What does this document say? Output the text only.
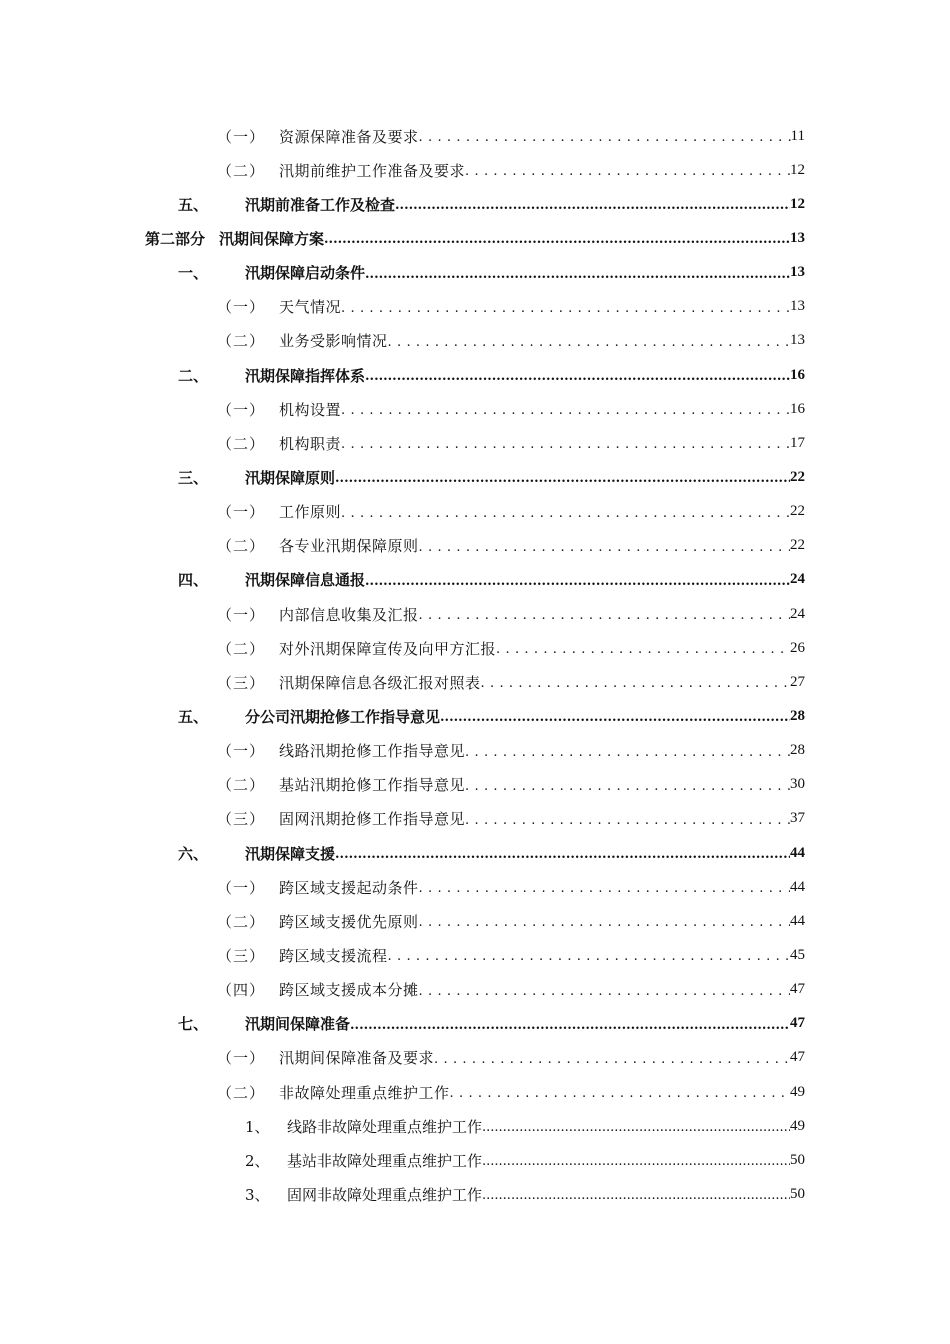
（一） 资源保障准备及要求 . . .	11
（二） 汛期前维护工作准备及要求 . . .	12
五、	汛期前准备工作及检查 .....	12
第二部分 汛期间保障方案 .....	13
一、	汛期保障启动条件 .....	13
（一） 天气情况 . . .	13
（二） 业务受影响情况 . . .	13
二、	汛期保障指挥体系 .....	16
（一） 机构设置 . . .	16
（二） 机构职责 . . .	17
三、	汛期保障原则 .....	22
（一） 工作原则 . . .	22
（二） 各专业汛期保障原则 . . .	22
四、	汛期保障信息通报 .....	24
（一） 内部信息收集及汇报 . . .	24
（二） 对外汛期保障宣传及向甲方汇报 . . .	26
（三） 汛期保障信息各级汇报对照表 . . .	27
五、	分公司汛期抢修工作指导意见 .....	28
（一） 线路汛期抢修工作指导意见 . . .	28
（二） 基站汛期抢修工作指导意见 . . .	30
（三） 固网汛期抢修工作指导意见 . . .	37
六、	汛期保障支援 .....	44
（一） 跨区域支援起动条件 . . .	44
（二） 跨区域支援优先原则 . . .	44
（三） 跨区域支援流程 . . .	45
（四） 跨区域支援成本分摊 . . .	47
七、	汛期间保障准备 .....	47
（一） 汛期间保障准备及要求 . . .	47
（二） 非故障处理重点维护工作 . . .	49
1、	线路非故障处理重点维护工作 .....	49
2、	基站非故障处理重点维护工作 .....	50
3、	固网非故障处理重点维护工作 .....	50
